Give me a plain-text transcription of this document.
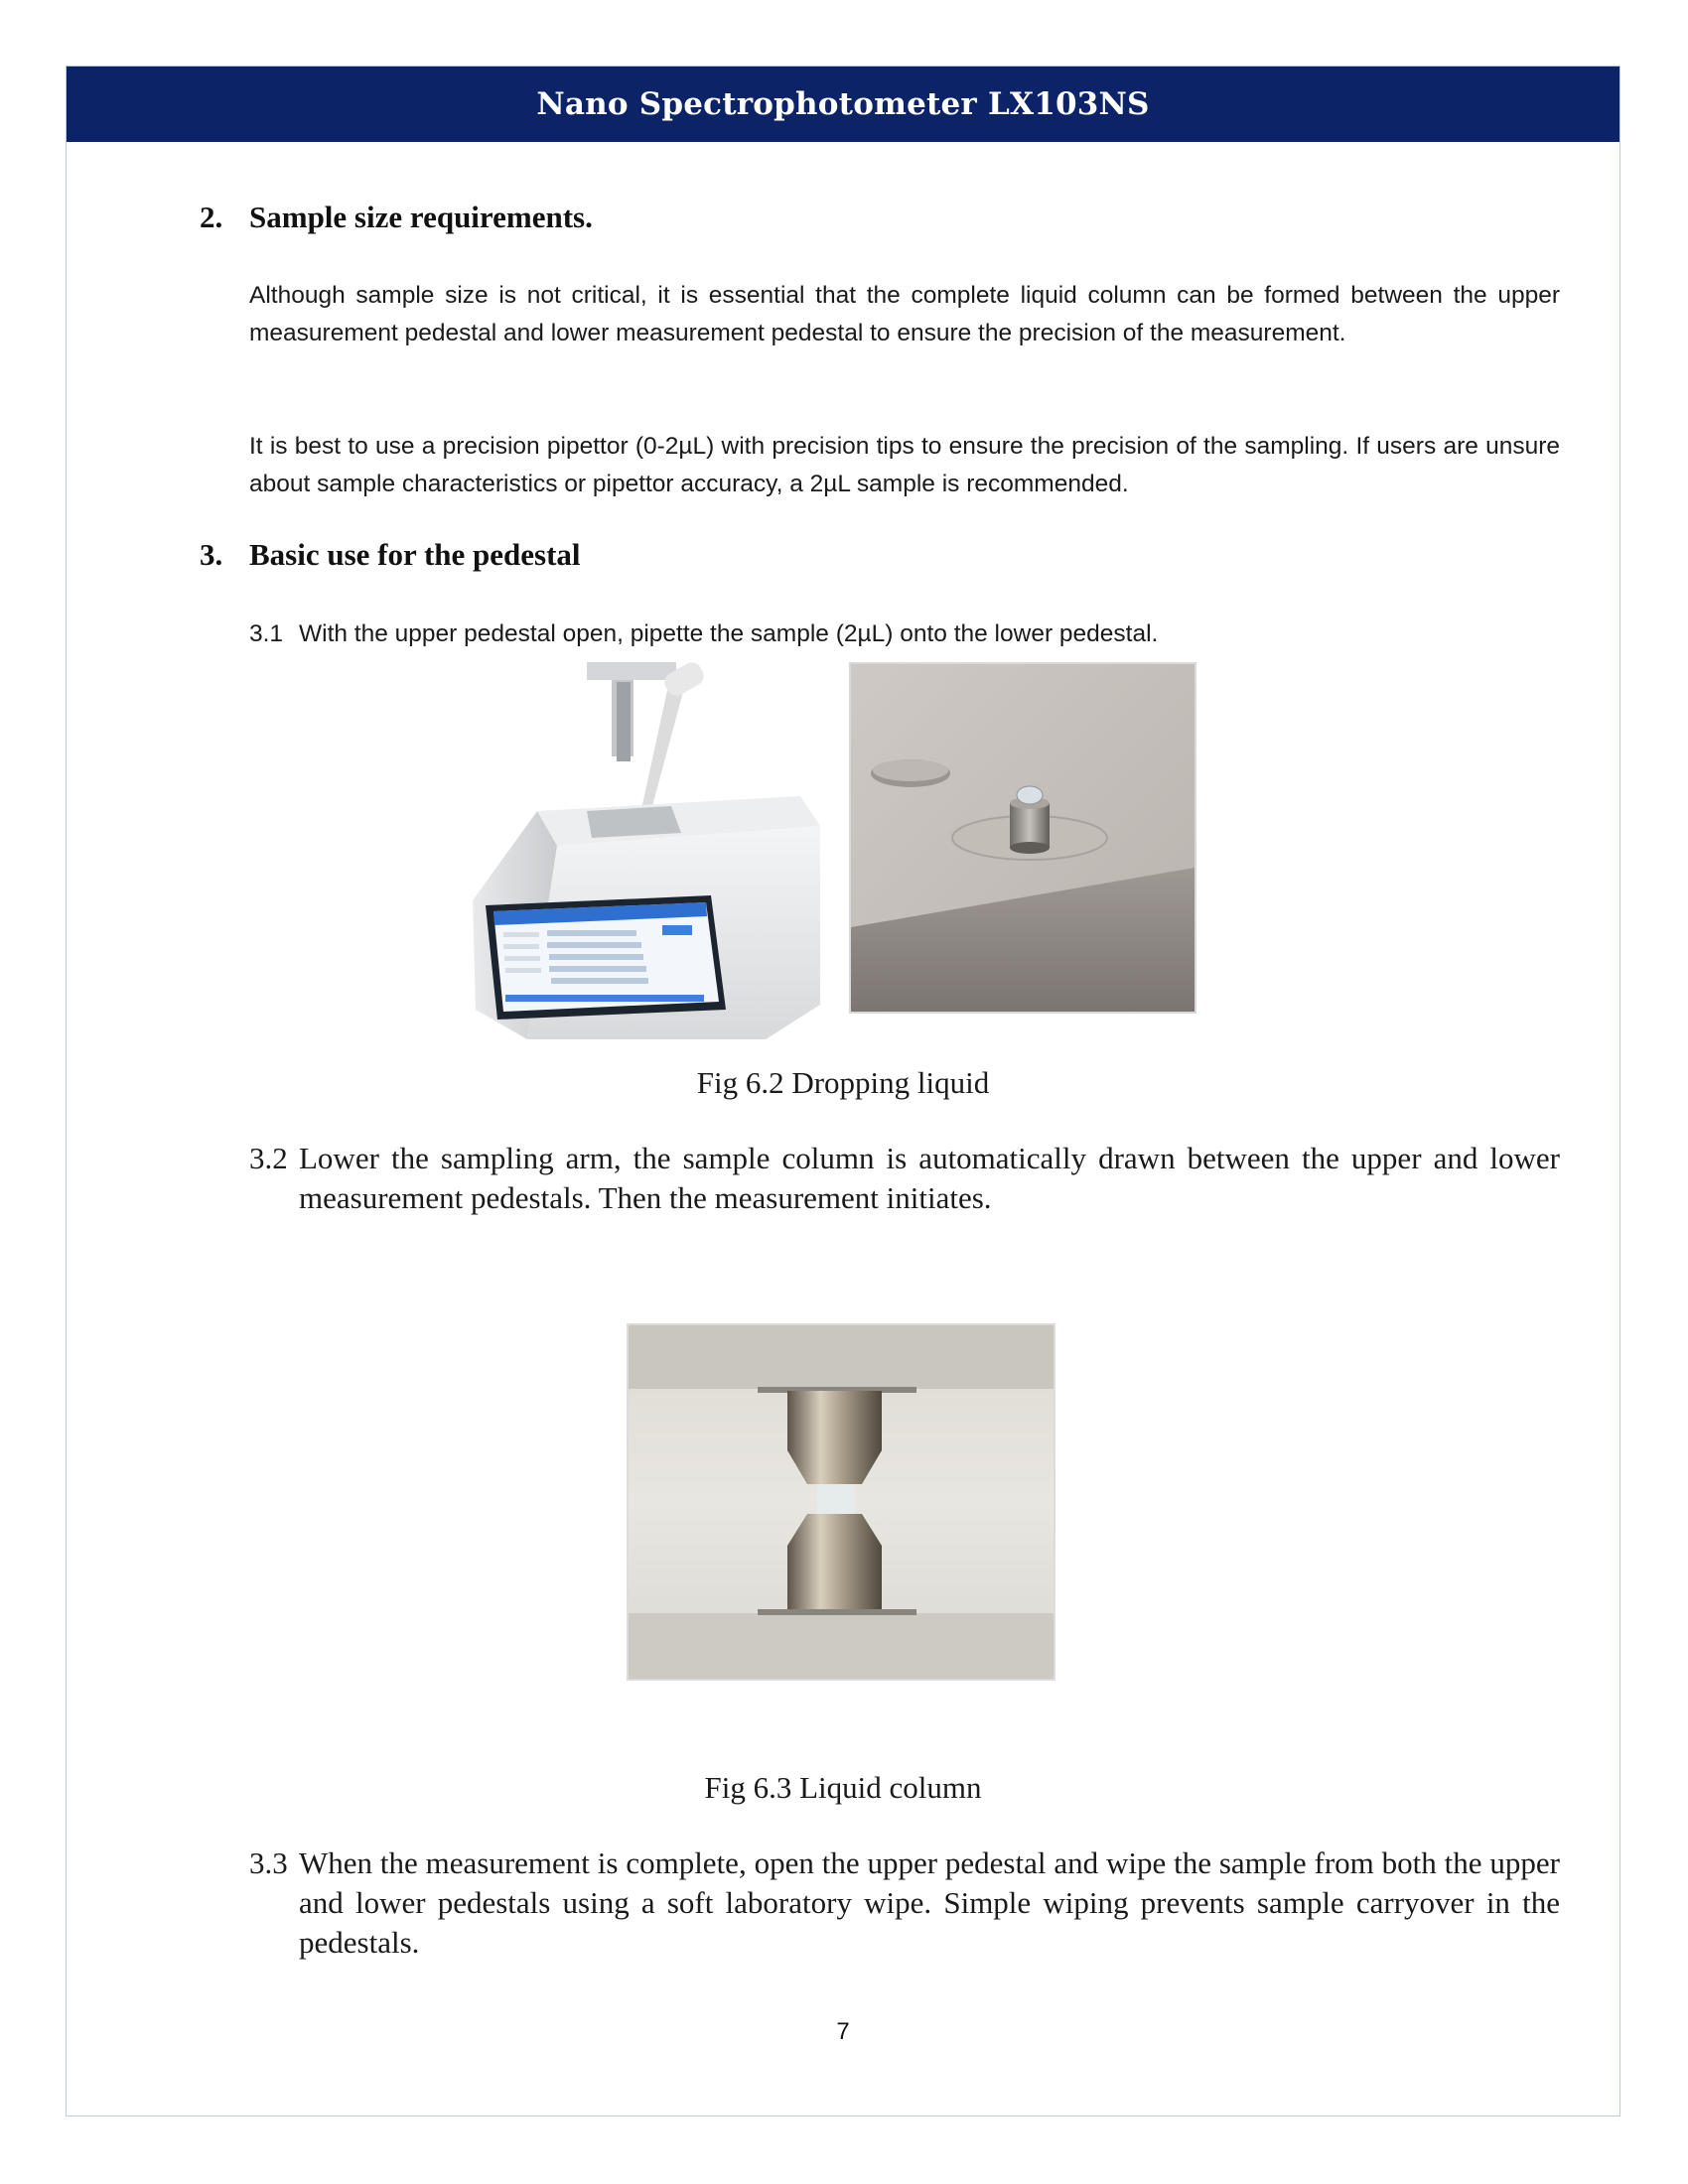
Nano Spectrophotometer LX103NS
2. Sample size requirements.
Although sample size is not critical, it is essential that the complete liquid column can be formed between the upper measurement pedestal and lower measurement pedestal to ensure the precision of the measurement.
It is best to use a precision pipettor (0-2µL) with precision tips to ensure the precision of the sampling. If users are unsure about sample characteristics or pipettor accuracy, a 2µL sample is recommended.
3. Basic use for the pedestal
3.1 With the upper pedestal open, pipette the sample (2µL) onto the lower pedestal.
Fig 6.2 Dropping liquid
3.2 Lower the sampling arm, the sample column is automatically drawn between the upper and lower measurement pedestals. Then the measurement initiates.
Fig 6.3 Liquid column
3.3 When the measurement is complete, open the upper pedestal and wipe the sample from both the upper and lower pedestals using a soft laboratory wipe. Simple wiping prevents sample carryover in the pedestals.
7
